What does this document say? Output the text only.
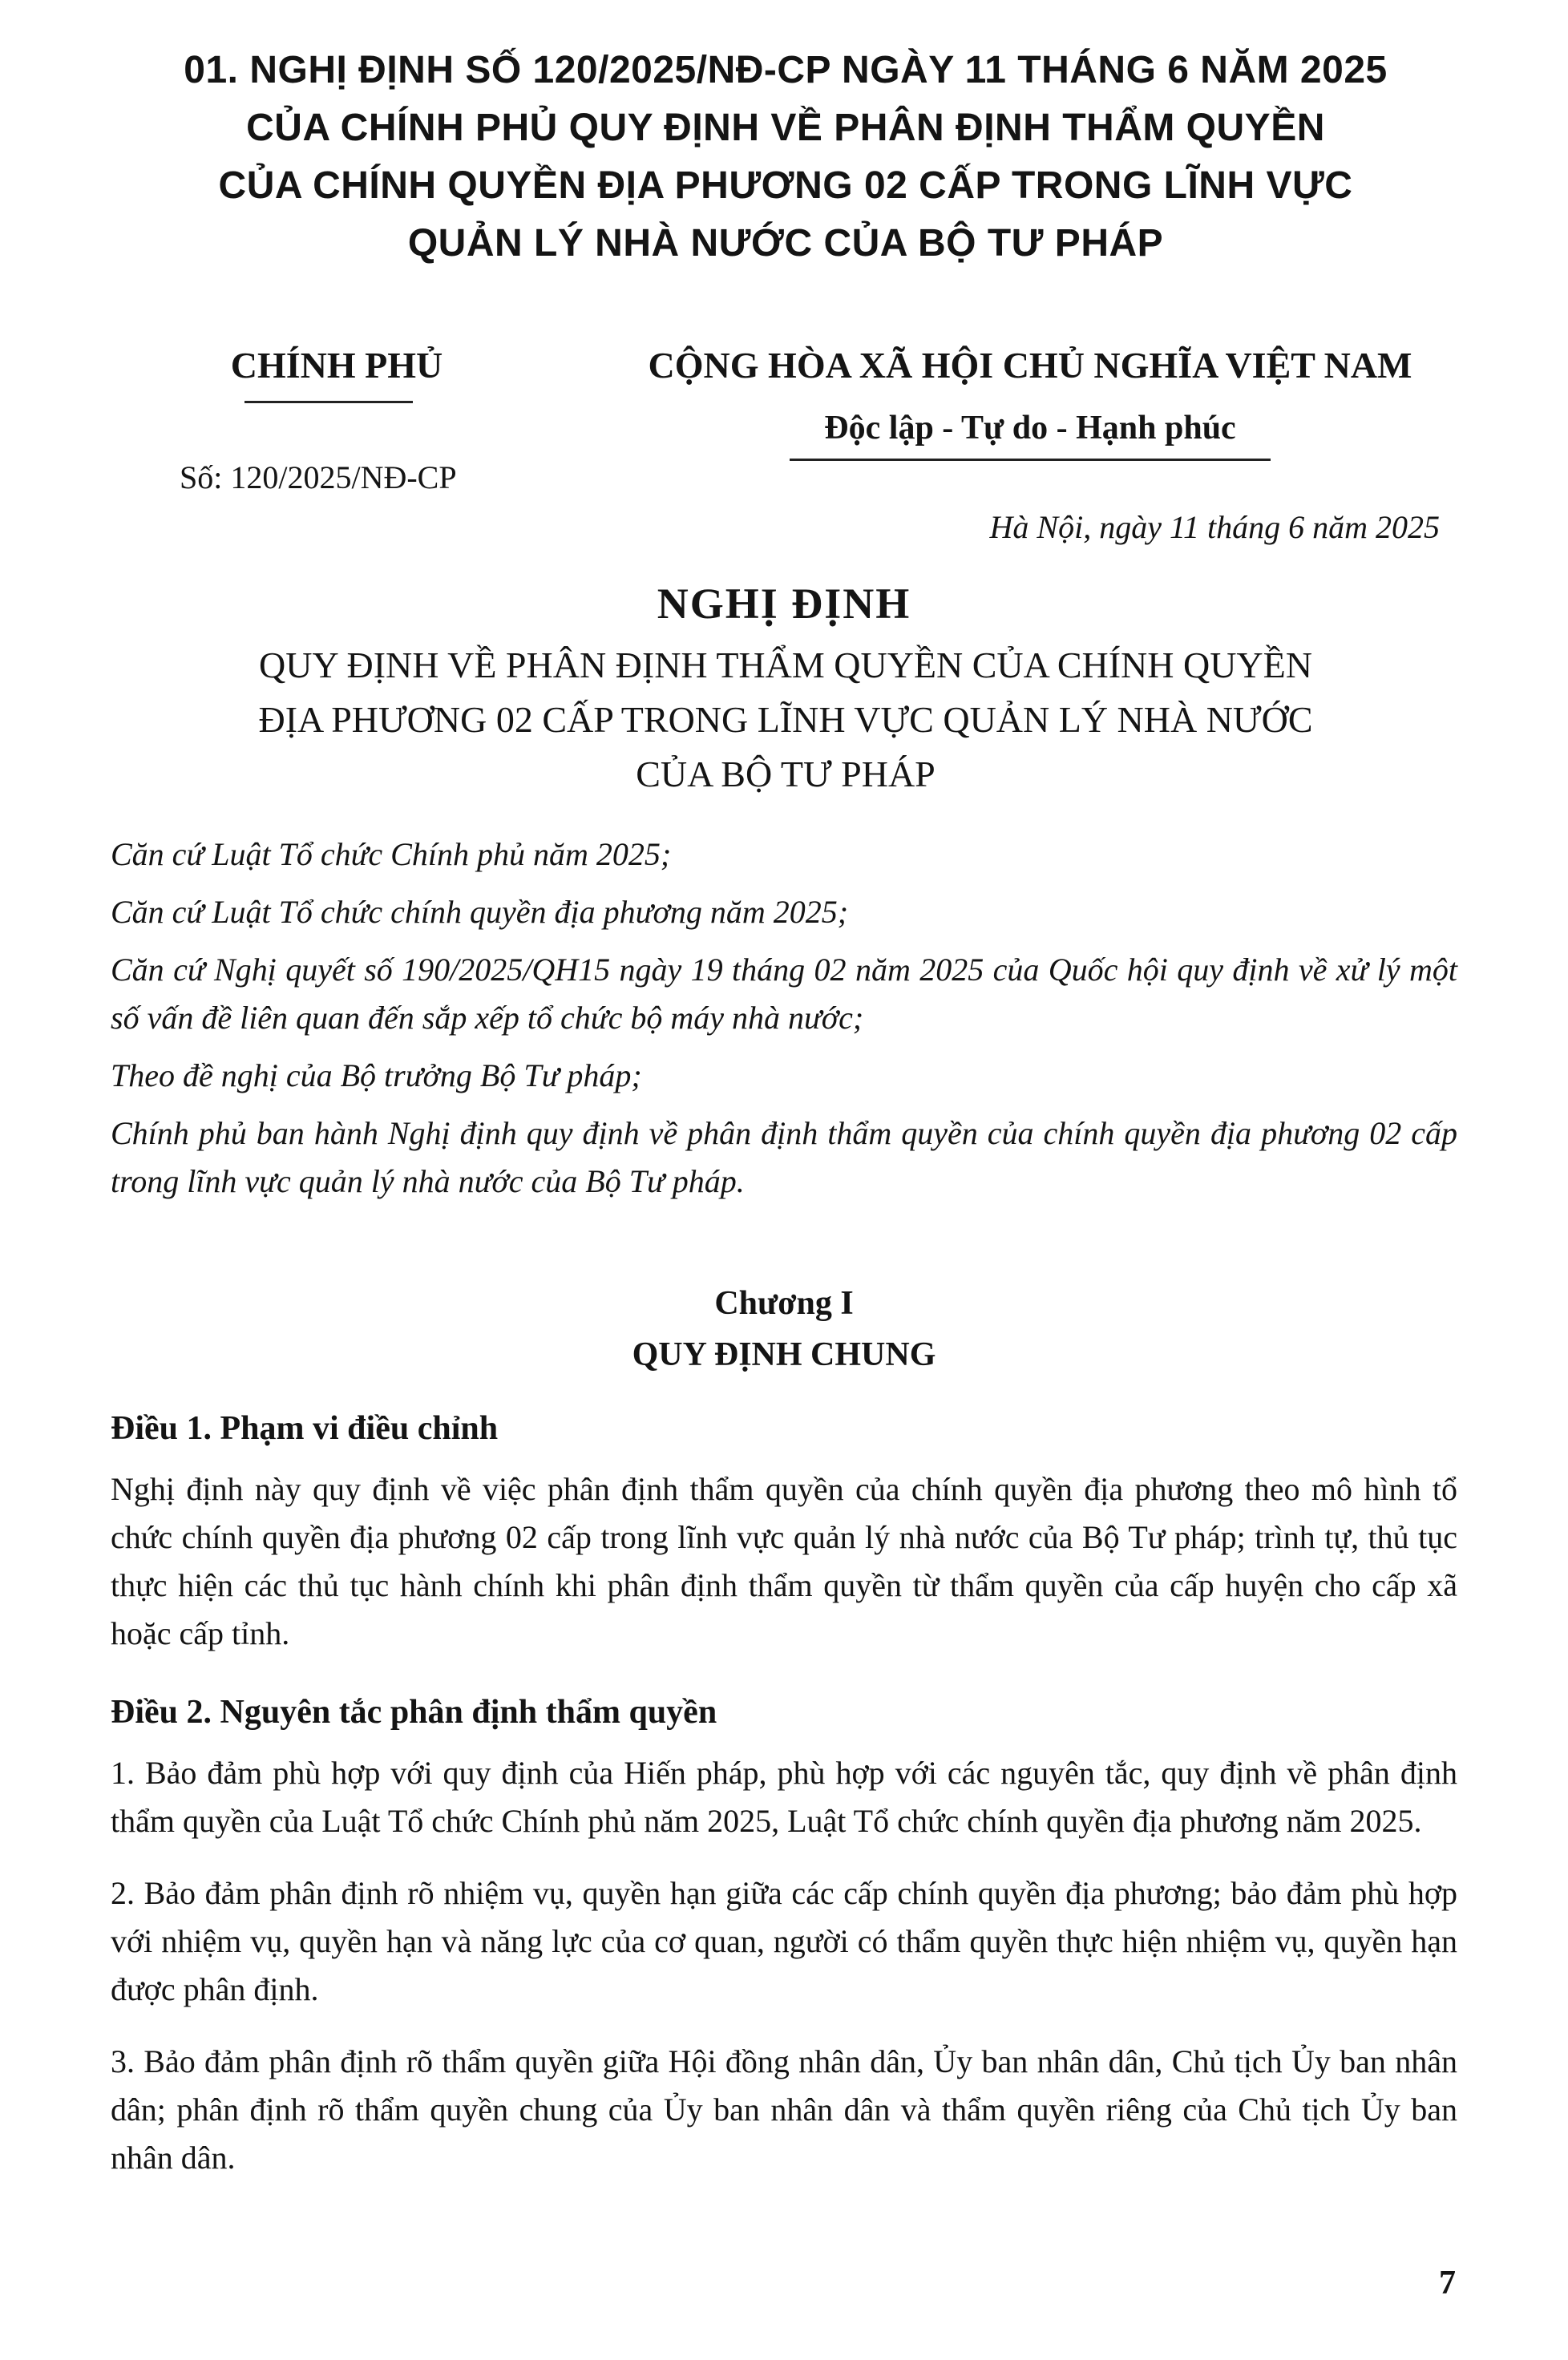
01. NGHỊ ĐỊNH SỐ 120/2025/NĐ-CP NGÀY 11 THÁNG 6 NĂM 2025
CỦA CHÍNH PHỦ QUY ĐỊNH VỀ PHÂN ĐỊNH THẨM QUYỀN
CỦA CHÍNH QUYỀN ĐỊA PHƯƠNG 02 CẤP TRONG LĨNH VỰC
QUẢN LÝ NHÀ NƯỚC CỦA BỘ TƯ PHÁP
CHÍNH PHỦ
Số: 120/2025/NĐ-CP
CỘNG HÒA XÃ HỘI CHỦ NGHĨA VIỆT NAM
Độc lập - Tự do - Hạnh phúc
Hà Nội, ngày 11 tháng 6 năm 2025
NGHỊ ĐỊNH
QUY ĐỊNH VỀ PHÂN ĐỊNH THẨM QUYỀN CỦA CHÍNH QUYỀN
ĐỊA PHƯƠNG 02 CẤP TRONG LĨNH VỰC QUẢN LÝ NHÀ NƯỚC
CỦA BỘ TƯ PHÁP

Căn cứ Luật Tổ chức Chính phủ năm 2025;

Căn cứ Luật Tổ chức chính quyền địa phương năm 2025;

Căn cứ Nghị quyết số 190/2025/QH15 ngày 19 tháng 02 năm 2025 của Quốc hội quy định về xử lý một số vấn đề liên quan đến sắp xếp tổ chức bộ máy nhà nước;

Theo đề nghị của Bộ trưởng Bộ Tư pháp;

Chính phủ ban hành Nghị định quy định về phân định thẩm quyền của chính quyền địa phương 02 cấp trong lĩnh vực quản lý nhà nước của Bộ Tư pháp.

Chương I
QUY ĐỊNH CHUNG
Điều 1. Phạm vi điều chỉnh

Nghị định này quy định về việc phân định thẩm quyền của chính quyền địa phương theo mô hình tổ chức chính quyền địa phương 02 cấp trong lĩnh vực quản lý nhà nước của Bộ Tư pháp; trình tự, thủ tục thực hiện các thủ tục hành chính khi phân định thẩm quyền từ thẩm quyền của cấp huyện cho cấp xã hoặc cấp tỉnh.

Điều 2. Nguyên tắc phân định thẩm quyền

1. Bảo đảm phù hợp với quy định của Hiến pháp, phù hợp với các nguyên tắc, quy định về phân định thẩm quyền của Luật Tổ chức Chính phủ năm 2025, Luật Tổ chức chính quyền địa phương năm 2025.

2. Bảo đảm phân định rõ nhiệm vụ, quyền hạn giữa các cấp chính quyền địa phương; bảo đảm phù hợp với nhiệm vụ, quyền hạn và năng lực của cơ quan, người có thẩm quyền thực hiện nhiệm vụ, quyền hạn được phân định.

3. Bảo đảm phân định rõ thẩm quyền giữa Hội đồng nhân dân, Ủy ban nhân dân, Chủ tịch Ủy ban nhân dân; phân định rõ thẩm quyền chung của Ủy ban nhân dân và thẩm quyền riêng của Chủ tịch Ủy ban nhân dân.

7
